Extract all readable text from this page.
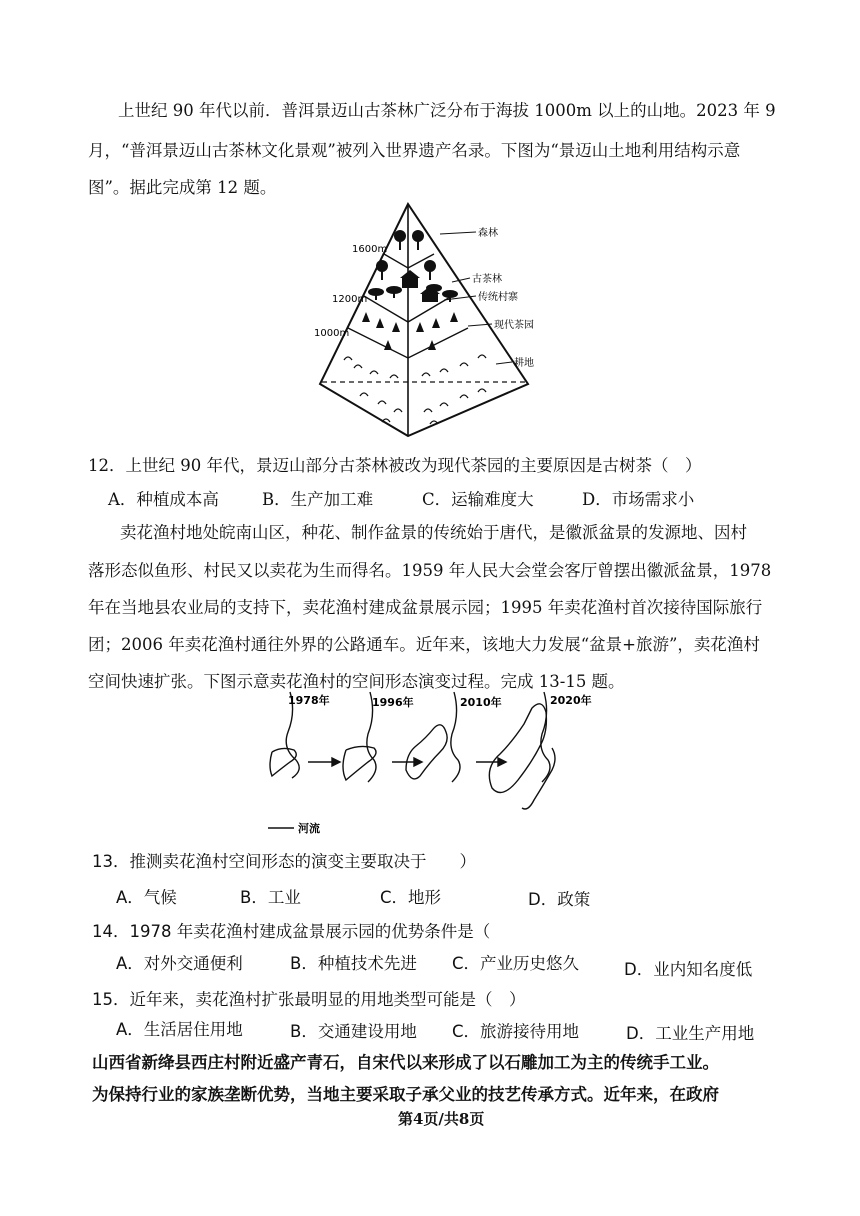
上世纪 90 年代以前．普洱景迈山古茶林广泛分布于海拔 1000m 以上的山地。2023 年 9
月，“普洱景迈山古茶林文化景观”被列入世界遗产名录。下图为“景迈山土地利用结构示意
图”。据此完成第 12 题。
1600m
1200m
1000m
森林
古茶林
传统村寨
现代茶园
耕地
12．上世纪 90 年代，景迈山部分古茶林被改为现代茶园的主要原因是古树茶（　）
A．种植成本高	B．生产加工难	C．运输难度大	D．市场需求小
卖花渔村地处皖南山区，种花、制作盆景的传统始于唐代，是徽派盆景的发源地、因村
落形态似鱼形、村民又以卖花为生而得名。1959 年人民大会堂会客厅曾摆出徽派盆景，1978
年在当地县农业局的支持下，卖花渔村建成盆景展示园；1995 年卖花渔村首次接待国际旅行
团；2006 年卖花渔村通往外界的公路通车。近年来，该地大力发展“盆景+旅游”，卖花渔村
空间快速扩张。下图示意卖花渔村的空间形态演变过程。完成 13-15 题。
1978年	1996年	2010年	2020年
河流
13．推测卖花渔村空间形态的演变主要取决于　　）
A．气候	B．工业	C．地形	D．政策
14．1978 年卖花渔村建成盆景展示园的优势条件是（
A．对外交通便利	B．种植技术先进 C．产业历史悠久	D．业内知名度低
15．近年来，卖花渔村扩张最明显的用地类型可能是（　）
A．生活居住用地	B．交通建设用地 C．旅游接待用地	D．工业生产用地
山西省新绛县西庄村附近盛产青石，自宋代以来形成了以石雕加工为主的传统手工业。
为保持行业的家族垄断优势，当地主要采取子承父业的技艺传承方式。近年来，在政府
第4页/共8页
